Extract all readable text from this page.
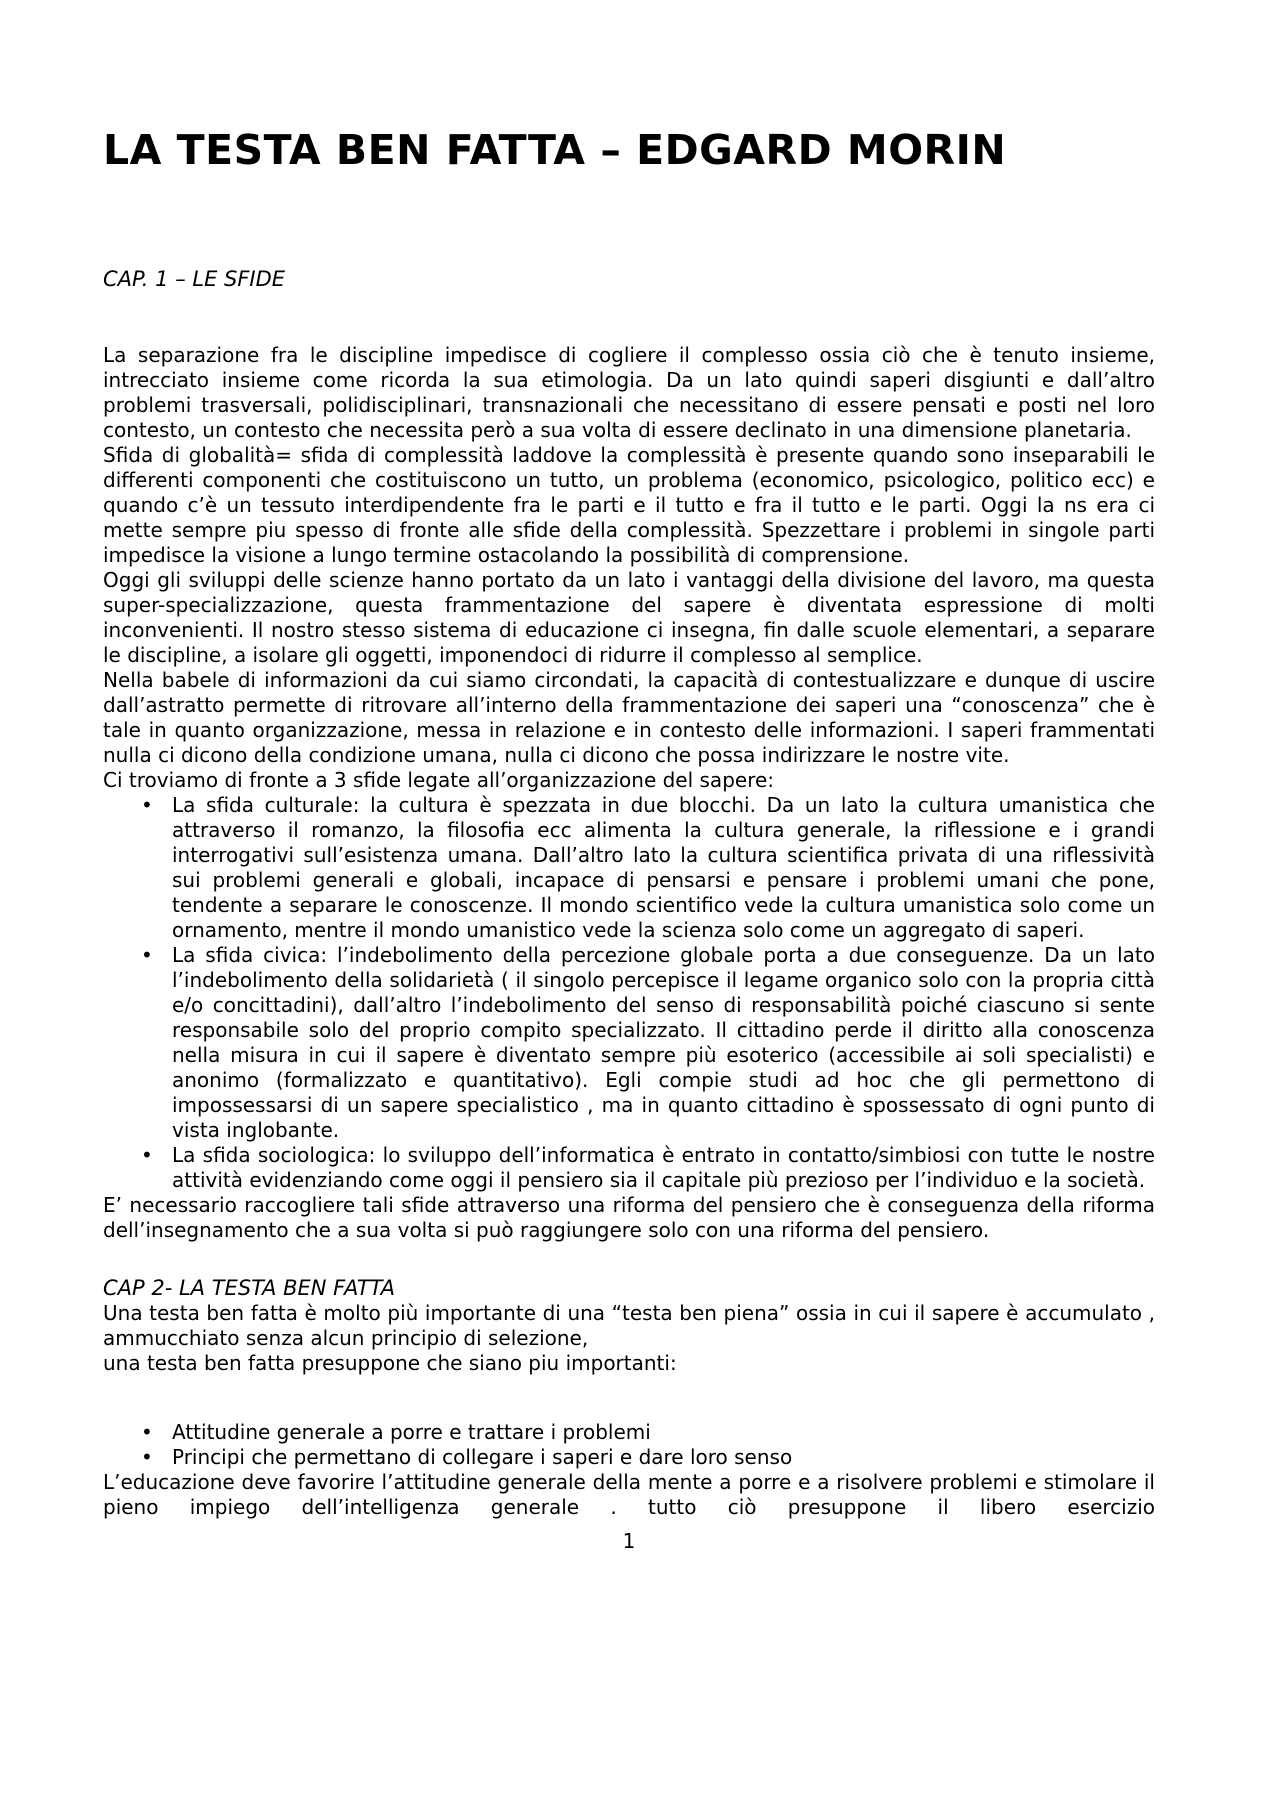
LA TESTA BEN FATTA – EDGARD MORIN
CAP. 1 – LE SFIDE

La separazione fra le discipline impedisce di cogliere il complesso ossia ciò che è tenuto insieme, intrecciato insieme come ricorda la sua etimologia. Da un lato quindi saperi disgiunti e dall’altro problemi trasversali, polidisciplinari, transnazionali che necessitano di essere pensati e posti nel loro contesto, un contesto che necessita però a sua volta di essere declinato in una dimensione planetaria.

Sfida di globalità= sfida di complessità laddove la complessità è presente quando sono inseparabili le differenti componenti che costituiscono un tutto, un problema (economico, psicologico, politico ecc) e quando c’è un tessuto interdipendente fra le parti e il tutto e fra il tutto e le parti. Oggi la ns era ci mette sempre piu spesso di fronte alle sfide della complessità. Spezzettare i problemi in singole parti impedisce la visione a lungo termine ostacolando la possibilità di comprensione.

Oggi gli sviluppi delle scienze hanno portato da un lato i vantaggi della divisione del lavoro, ma questa super-specializzazione, questa frammentazione del sapere è diventata espressione di molti inconvenienti. Il nostro stesso sistema di educazione ci insegna, fin dalle scuole elementari, a separare le discipline, a isolare gli oggetti, imponendoci di ridurre il complesso al semplice.

Nella babele di informazioni da cui siamo circondati, la capacità di contestualizzare e dunque di uscire dall’astratto permette di ritrovare all’interno della frammentazione dei saperi una “conoscenza” che è tale in quanto organizzazione, messa in relazione e in contesto delle informazioni. I saperi frammentati nulla ci dicono della condizione umana, nulla ci dicono che possa indirizzare le nostre vite.

Ci troviamo di fronte a 3 sfide legate all’organizzazione del sapere:

• La sfida culturale: la cultura è spezzata in due blocchi. Da un lato la cultura umanistica che attraverso il romanzo, la filosofia ecc alimenta la cultura generale, la riflessione e i grandi interrogativi sull’esistenza umana. Dall’altro lato la cultura scientifica privata di una riflessività sui problemi generali e globali, incapace di pensarsi e pensare i problemi umani che pone, tendente a separare le conoscenze. Il mondo scientifico vede la cultura umanistica solo come un ornamento, mentre il mondo umanistico vede la scienza solo come un aggregato di saperi.
• La sfida civica: l’indebolimento della percezione globale porta a due conseguenze. Da un lato l’indebolimento della solidarietà ( il singolo percepisce il legame organico solo con la propria città e/o concittadini), dall’altro l’indebolimento del senso di responsabilità poiché ciascuno si sente responsabile solo del proprio compito specializzato. Il cittadino perde il diritto alla conoscenza nella misura in cui il sapere è diventato sempre più esoterico (accessibile ai soli specialisti) e anonimo (formalizzato e quantitativo). Egli compie studi ad hoc che gli permettono di impossessarsi di un sapere specialistico , ma in quanto cittadino è spossessato di ogni punto di vista inglobante.
• La sfida sociologica: lo sviluppo dell’informatica è entrato in contatto/simbiosi con tutte le nostre attività evidenziando come oggi il pensiero sia il capitale più prezioso per l’individuo e la società.

E’ necessario raccogliere tali sfide attraverso una riforma del pensiero che è conseguenza della riforma dell’insegnamento che a sua volta si può raggiungere solo con una riforma del pensiero.

CAP 2- LA TESTA BEN FATTA

Una testa ben fatta è molto più importante di una “testa ben piena” ossia in cui il sapere è accumulato , ammucchiato senza alcun principio di selezione,

una testa ben fatta presuppone che siano piu importanti:

• Attitudine generale a porre e trattare i problemi
• Principi che permettano di collegare i saperi e dare loro senso

L’educazione deve favorire l’attitudine generale della mente a porre e a risolvere problemi e stimolare il pieno impiego dell’intelligenza generale . tutto ciò presuppone il libero esercizio

1
